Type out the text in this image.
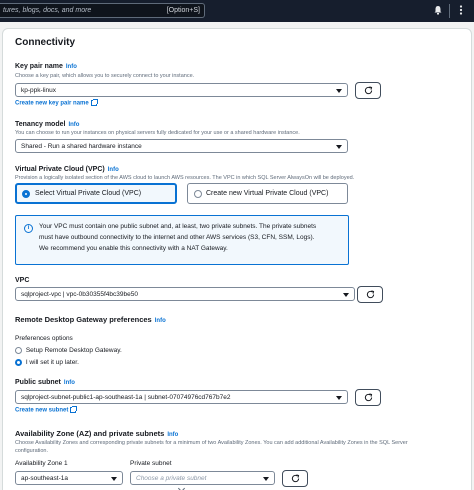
tures, blogs, docs, and more	[Option+S]
Connectivity
Key pair name Info
Choose a key pair, which allows you to securely connect to your instance.
kp-ppk-linux
Create new key pair name
Tenancy model Info
You can choose to run your instances on physical servers fully dedicated for your use or a shared hardware instance.
Shared - Run a shared hardware instance
Virtual Private Cloud (VPC) Info
Provision a logically isolated section of the AWS cloud to launch AWS resources. The VPC in which SQL Server AlwaysOn will be deployed.
Select Virtual Private Cloud (VPC)	Create new Virtual Private Cloud (VPC)
i	Your VPC must contain one public subnet and, at least, two private subnets. The private subnets
must have outbound connectivity to the internet and other AWS services (S3, CFN, SSM, Logs).
We recommend you enable this connectivity with a NAT Gateway.
VPC
sqlproject-vpc | vpc-0b30355f4bc39be50
Remote Desktop Gateway preferences Info
Preferences options
Setup Remote Desktop Gateway.
I will set it up later.
Public subnet Info
sqlproject-subnet-public1-ap-southeast-1a | subnet-07074976cd767b7e2
Create new subnet
Availability Zone (AZ) and private subnets Info
Choose Availability Zones and corresponding private subnets for a minimum of two Availability Zones. You can add additional Availability Zones in the SQL Server
configuration.
Availability Zone 1	Private subnet
ap-southeast-1a	Choose a private subnet
